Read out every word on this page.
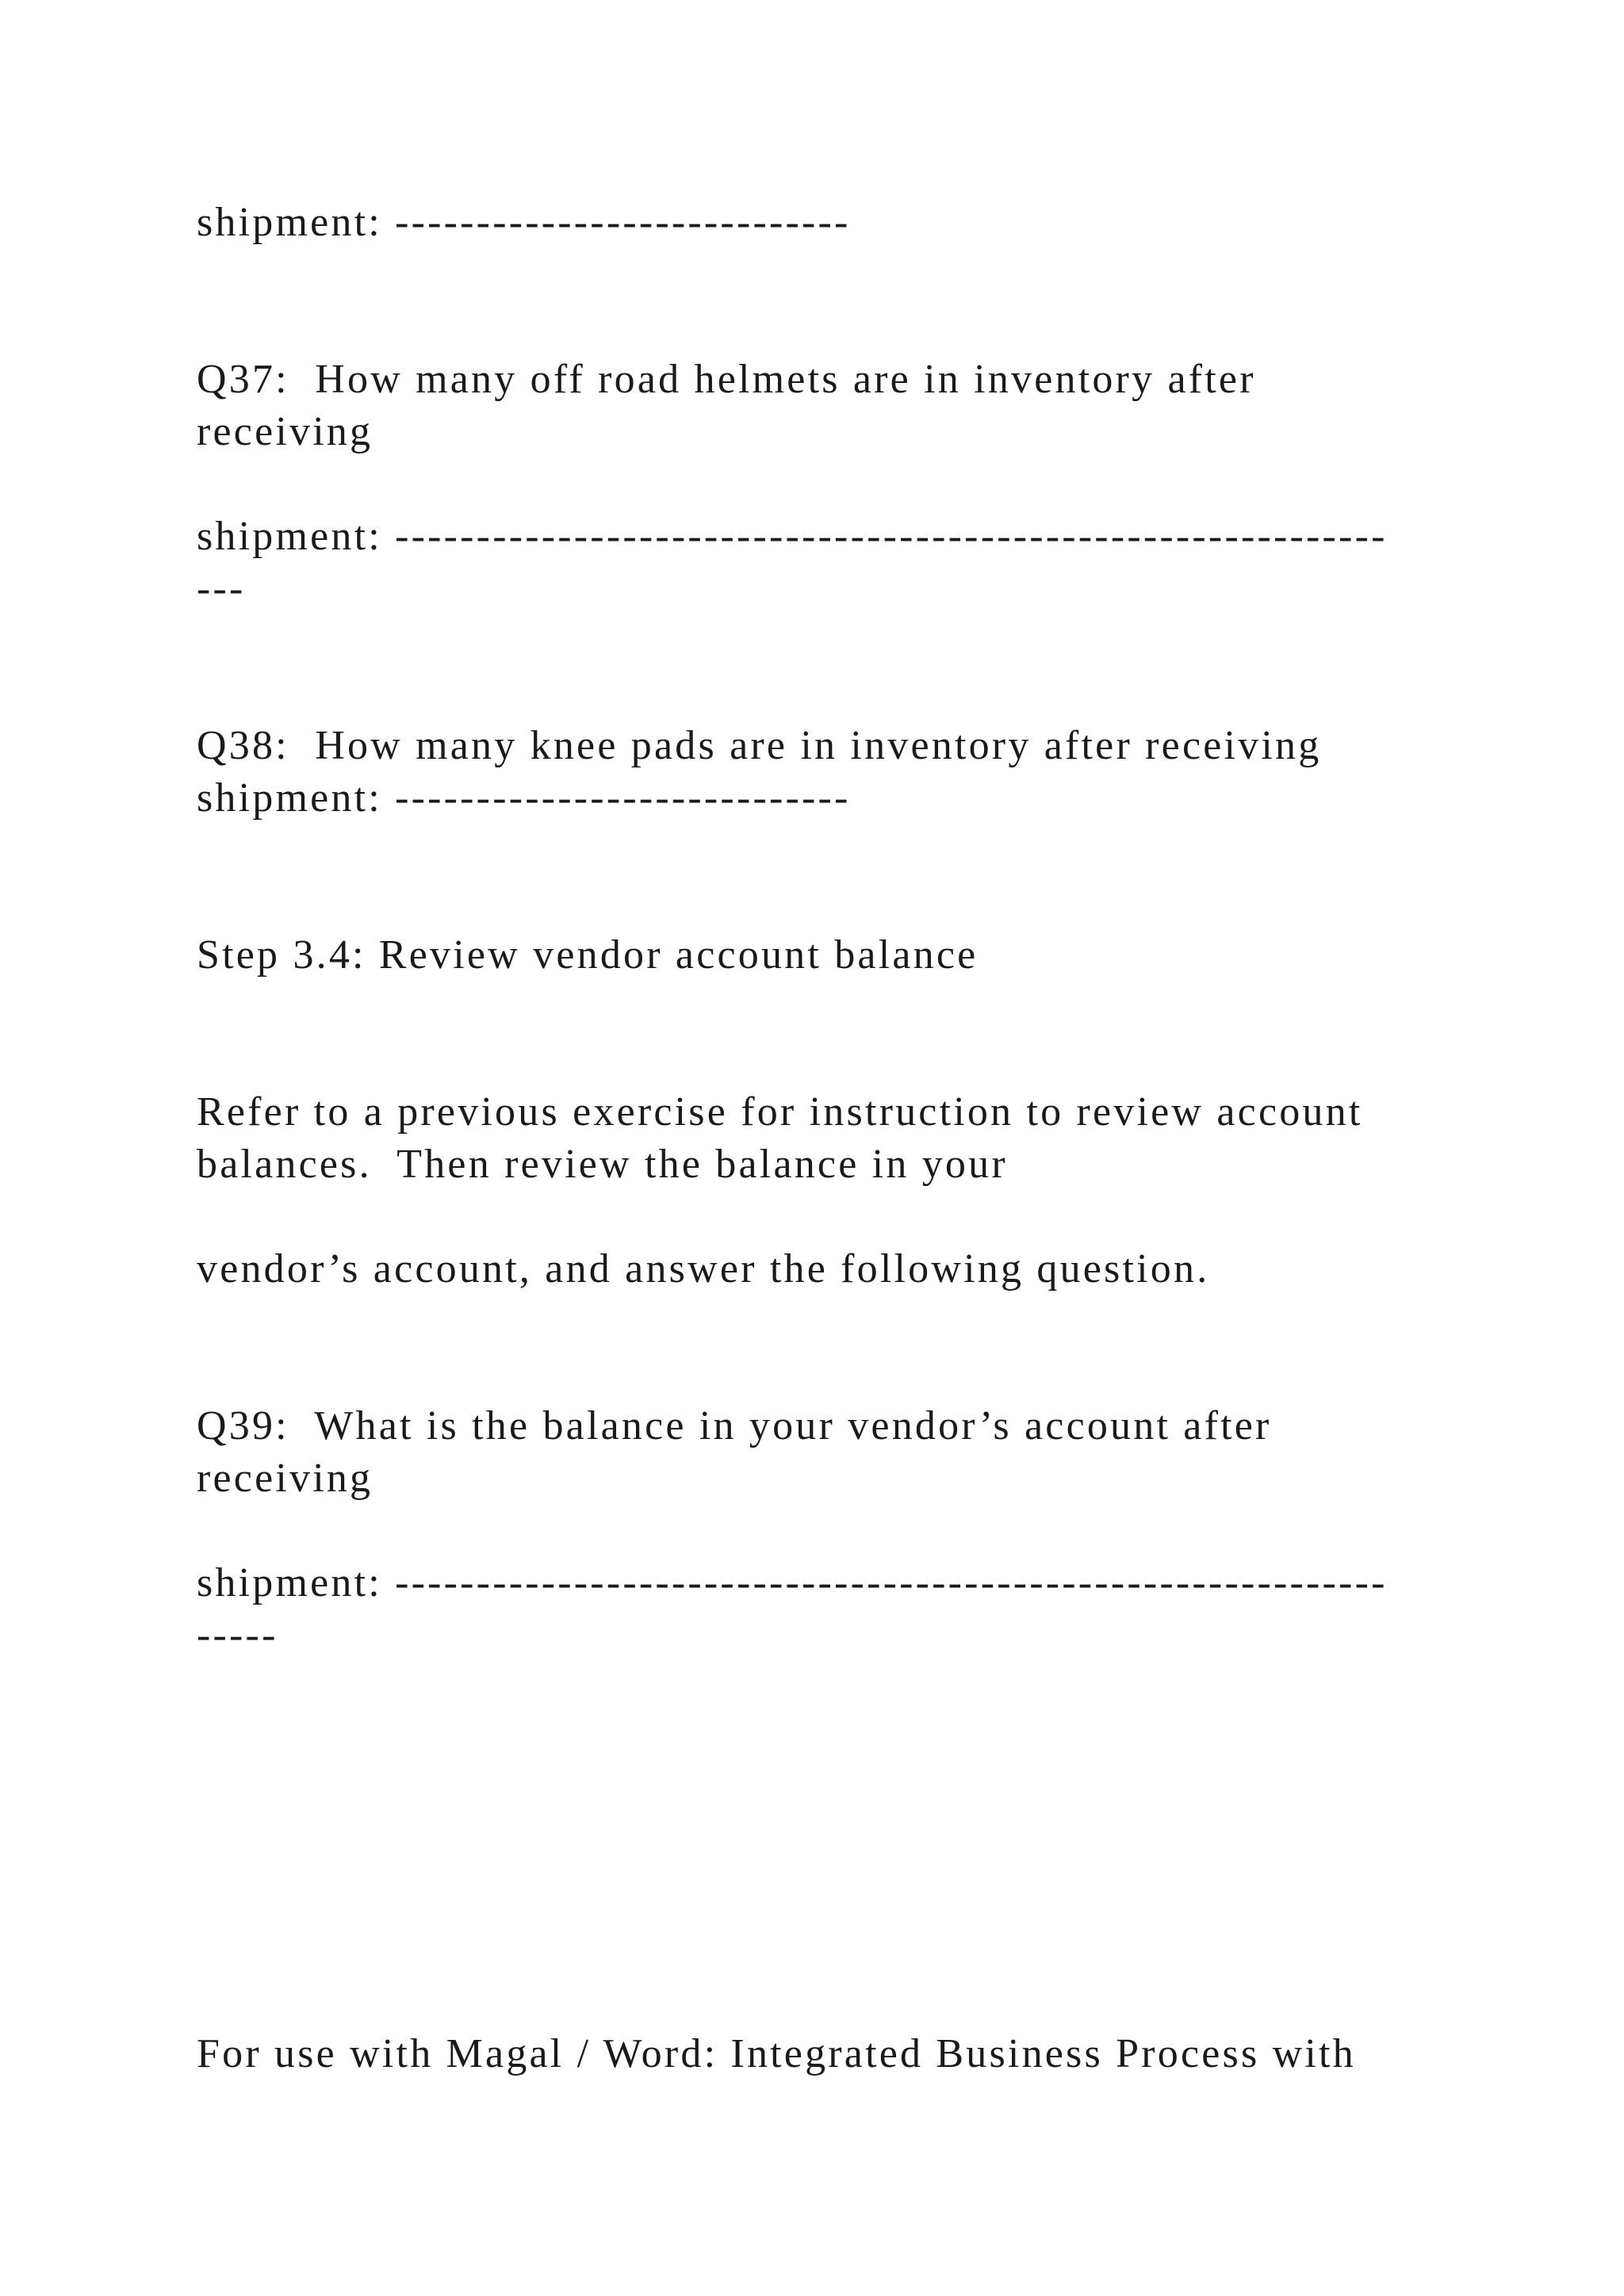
shipment: ----------------------------

Q37:  How many off road helmets are in inventory after

receiving

shipment: -------------------------------------------------------------

---

Q38:  How many knee pads are in inventory after receiving

shipment: ----------------------------

Step 3.4: Review vendor account balance

Refer to a previous exercise for instruction to review account

balances.  Then review the balance in your

vendor’s account, and answer the following question.

Q39:  What is the balance in your vendor’s account after

receiving

shipment: -------------------------------------------------------------

-----

For use with Magal / Word: Integrated Business Process with
